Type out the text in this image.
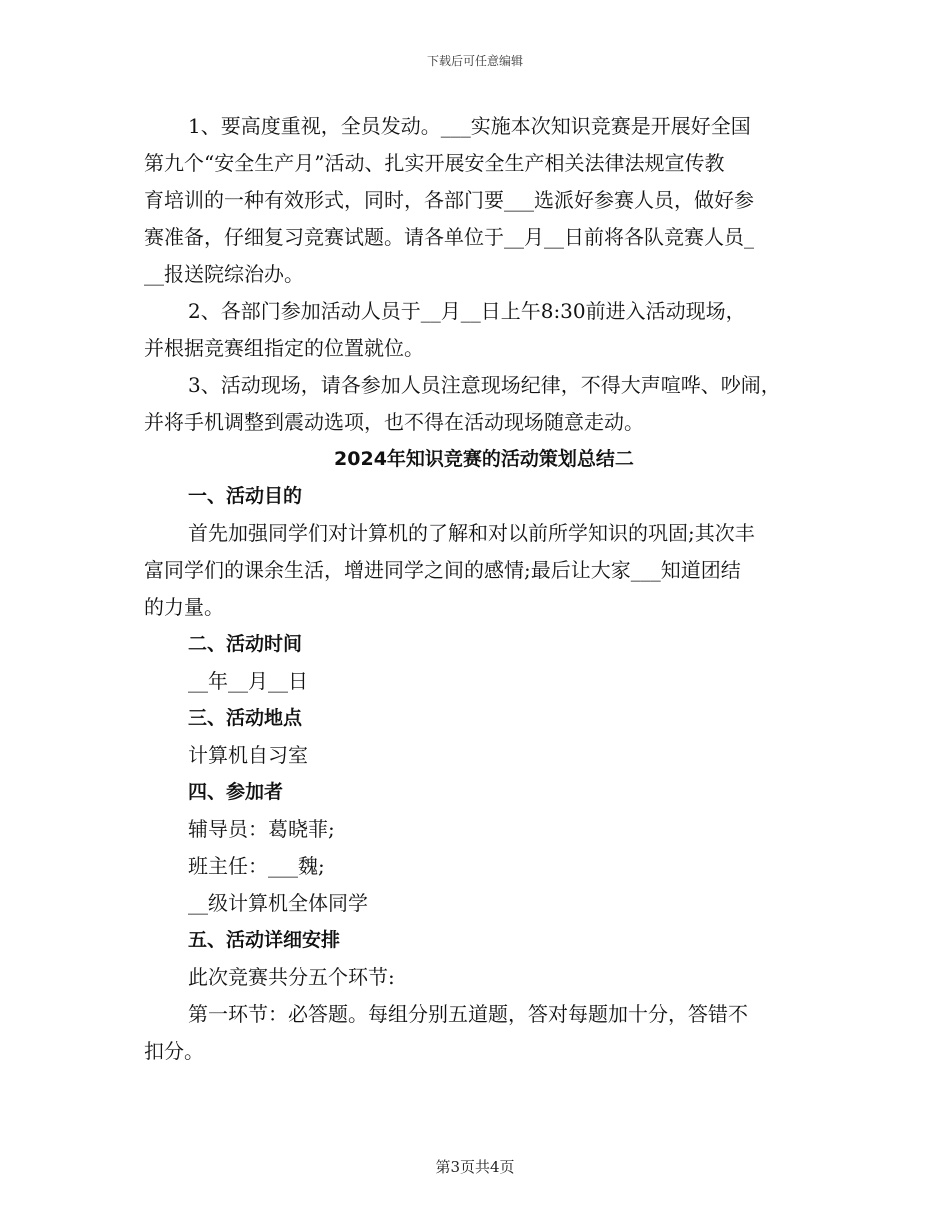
下载后可任意编辑
1、要高度重视，全员发动。___实施本次知识竞赛是开展好全国
第九个“安全生产月”活动、扎实开展安全生产相关法律法规宣传教
育培训的一种有效形式，同时，各部门要___选派好参赛人员，做好参
赛准备，仔细复习竞赛试题。请各单位于__月__日前将各队竞赛人员_
__报送院综治办。
2、各部门参加活动人员于__月__日上午8:30前进入活动现场，
并根据竞赛组指定的位置就位。
3、活动现场，请各参加人员注意现场纪律，不得大声喧哗、吵闹，
并将手机调整到震动选项，也不得在活动现场随意走动。
2024年知识竞赛的活动策划总结二
一、活动目的
首先加强同学们对计算机的了解和对以前所学知识的巩固;其次丰
富同学们的课余生活，增进同学之间的感情;最后让大家___知道团结
的力量。
二、活动时间
__年__月__日
三、活动地点
计算机自习室
四、参加者
辅导员：葛晓菲;
班主任：___魏;
__级计算机全体同学
五、活动详细安排
此次竞赛共分五个环节:
第一环节：必答题。每组分别五道题，答对每题加十分，答错不
扣分。
第3页共4页
